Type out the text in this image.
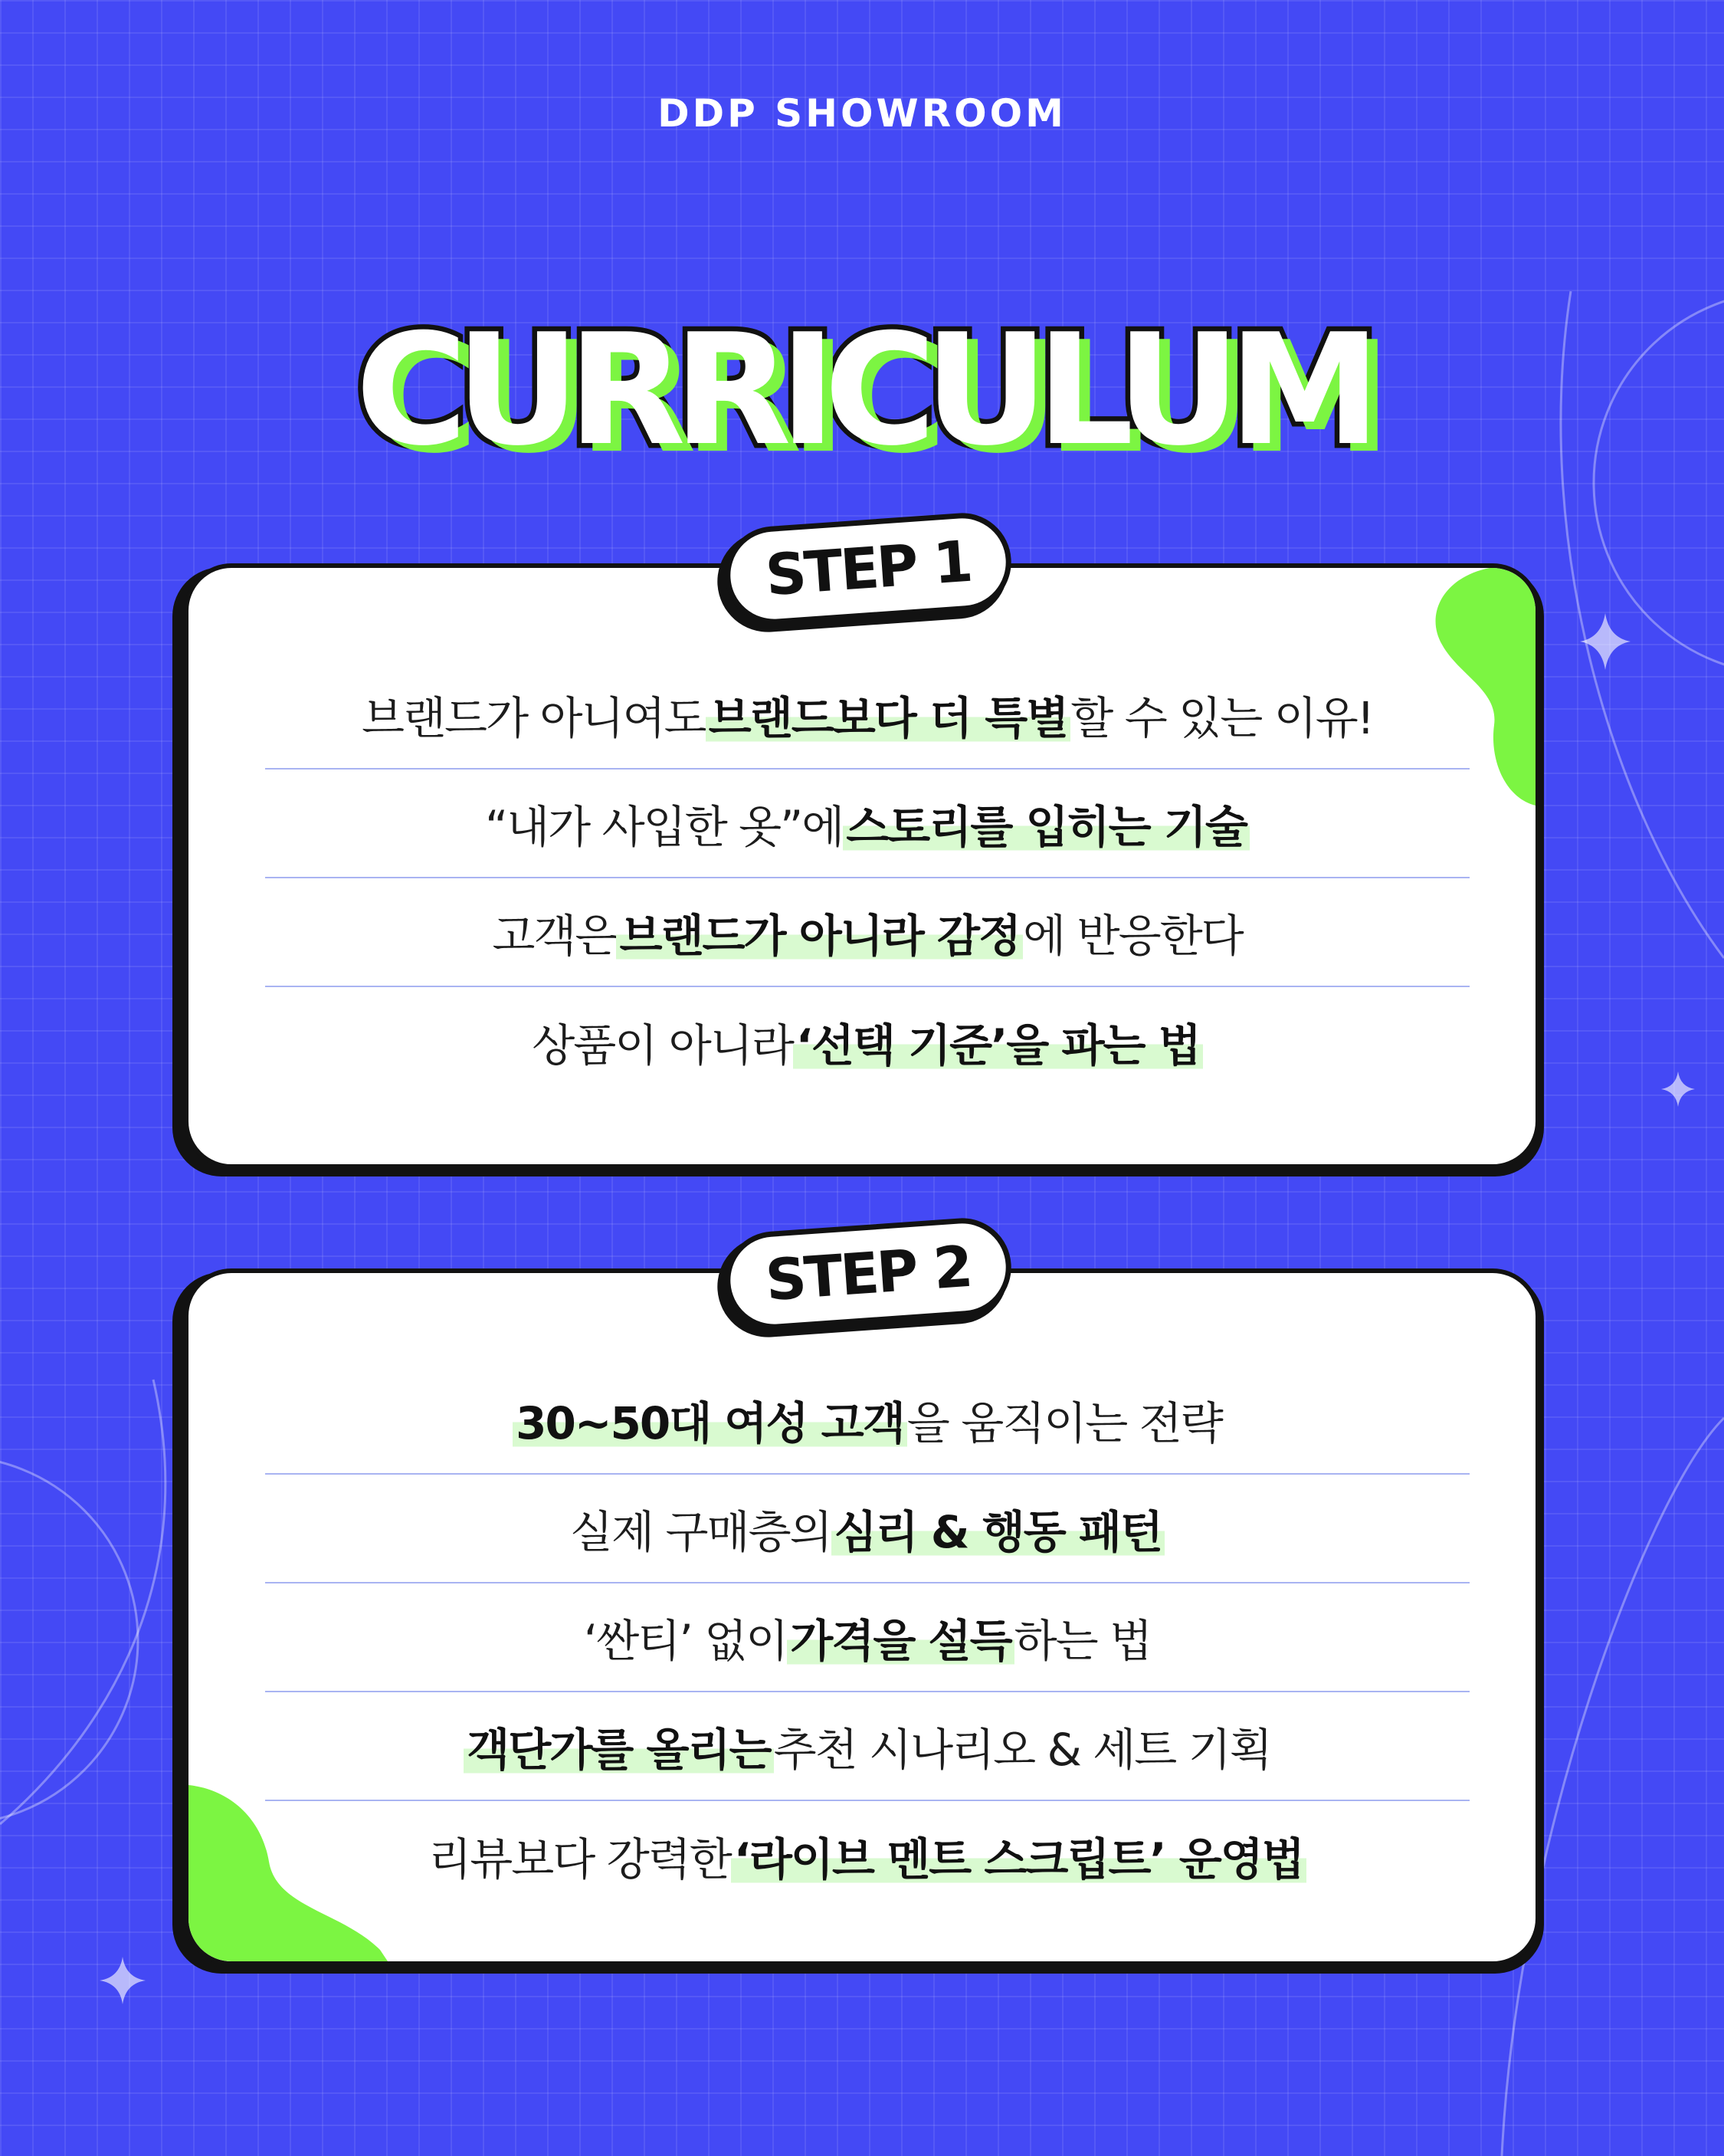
DDP SHOWROOM
CURRICULUM
STEP 1
브랜드가 아니여도 브랜드보다 더 특별 할 수 있는 이유!
“내가 사입한 옷”에 스토리를 입히는 기술
고객은 브랜드가 아니라 감정 에 반응한다
상품이 아니라 ‘선택 기준’을 파는 법
STEP 2
30~50대 여성 고객 을 움직이는 전략
실제 구매층의 심리 & 행동 패턴
‘싼티’ 없이 가격을 설득 하는 법
객단가를 올리는 추천 시나리오 & 세트 기획
리뷰보다 강력한 ‘라이브 멘트 스크립트’ 운영법
